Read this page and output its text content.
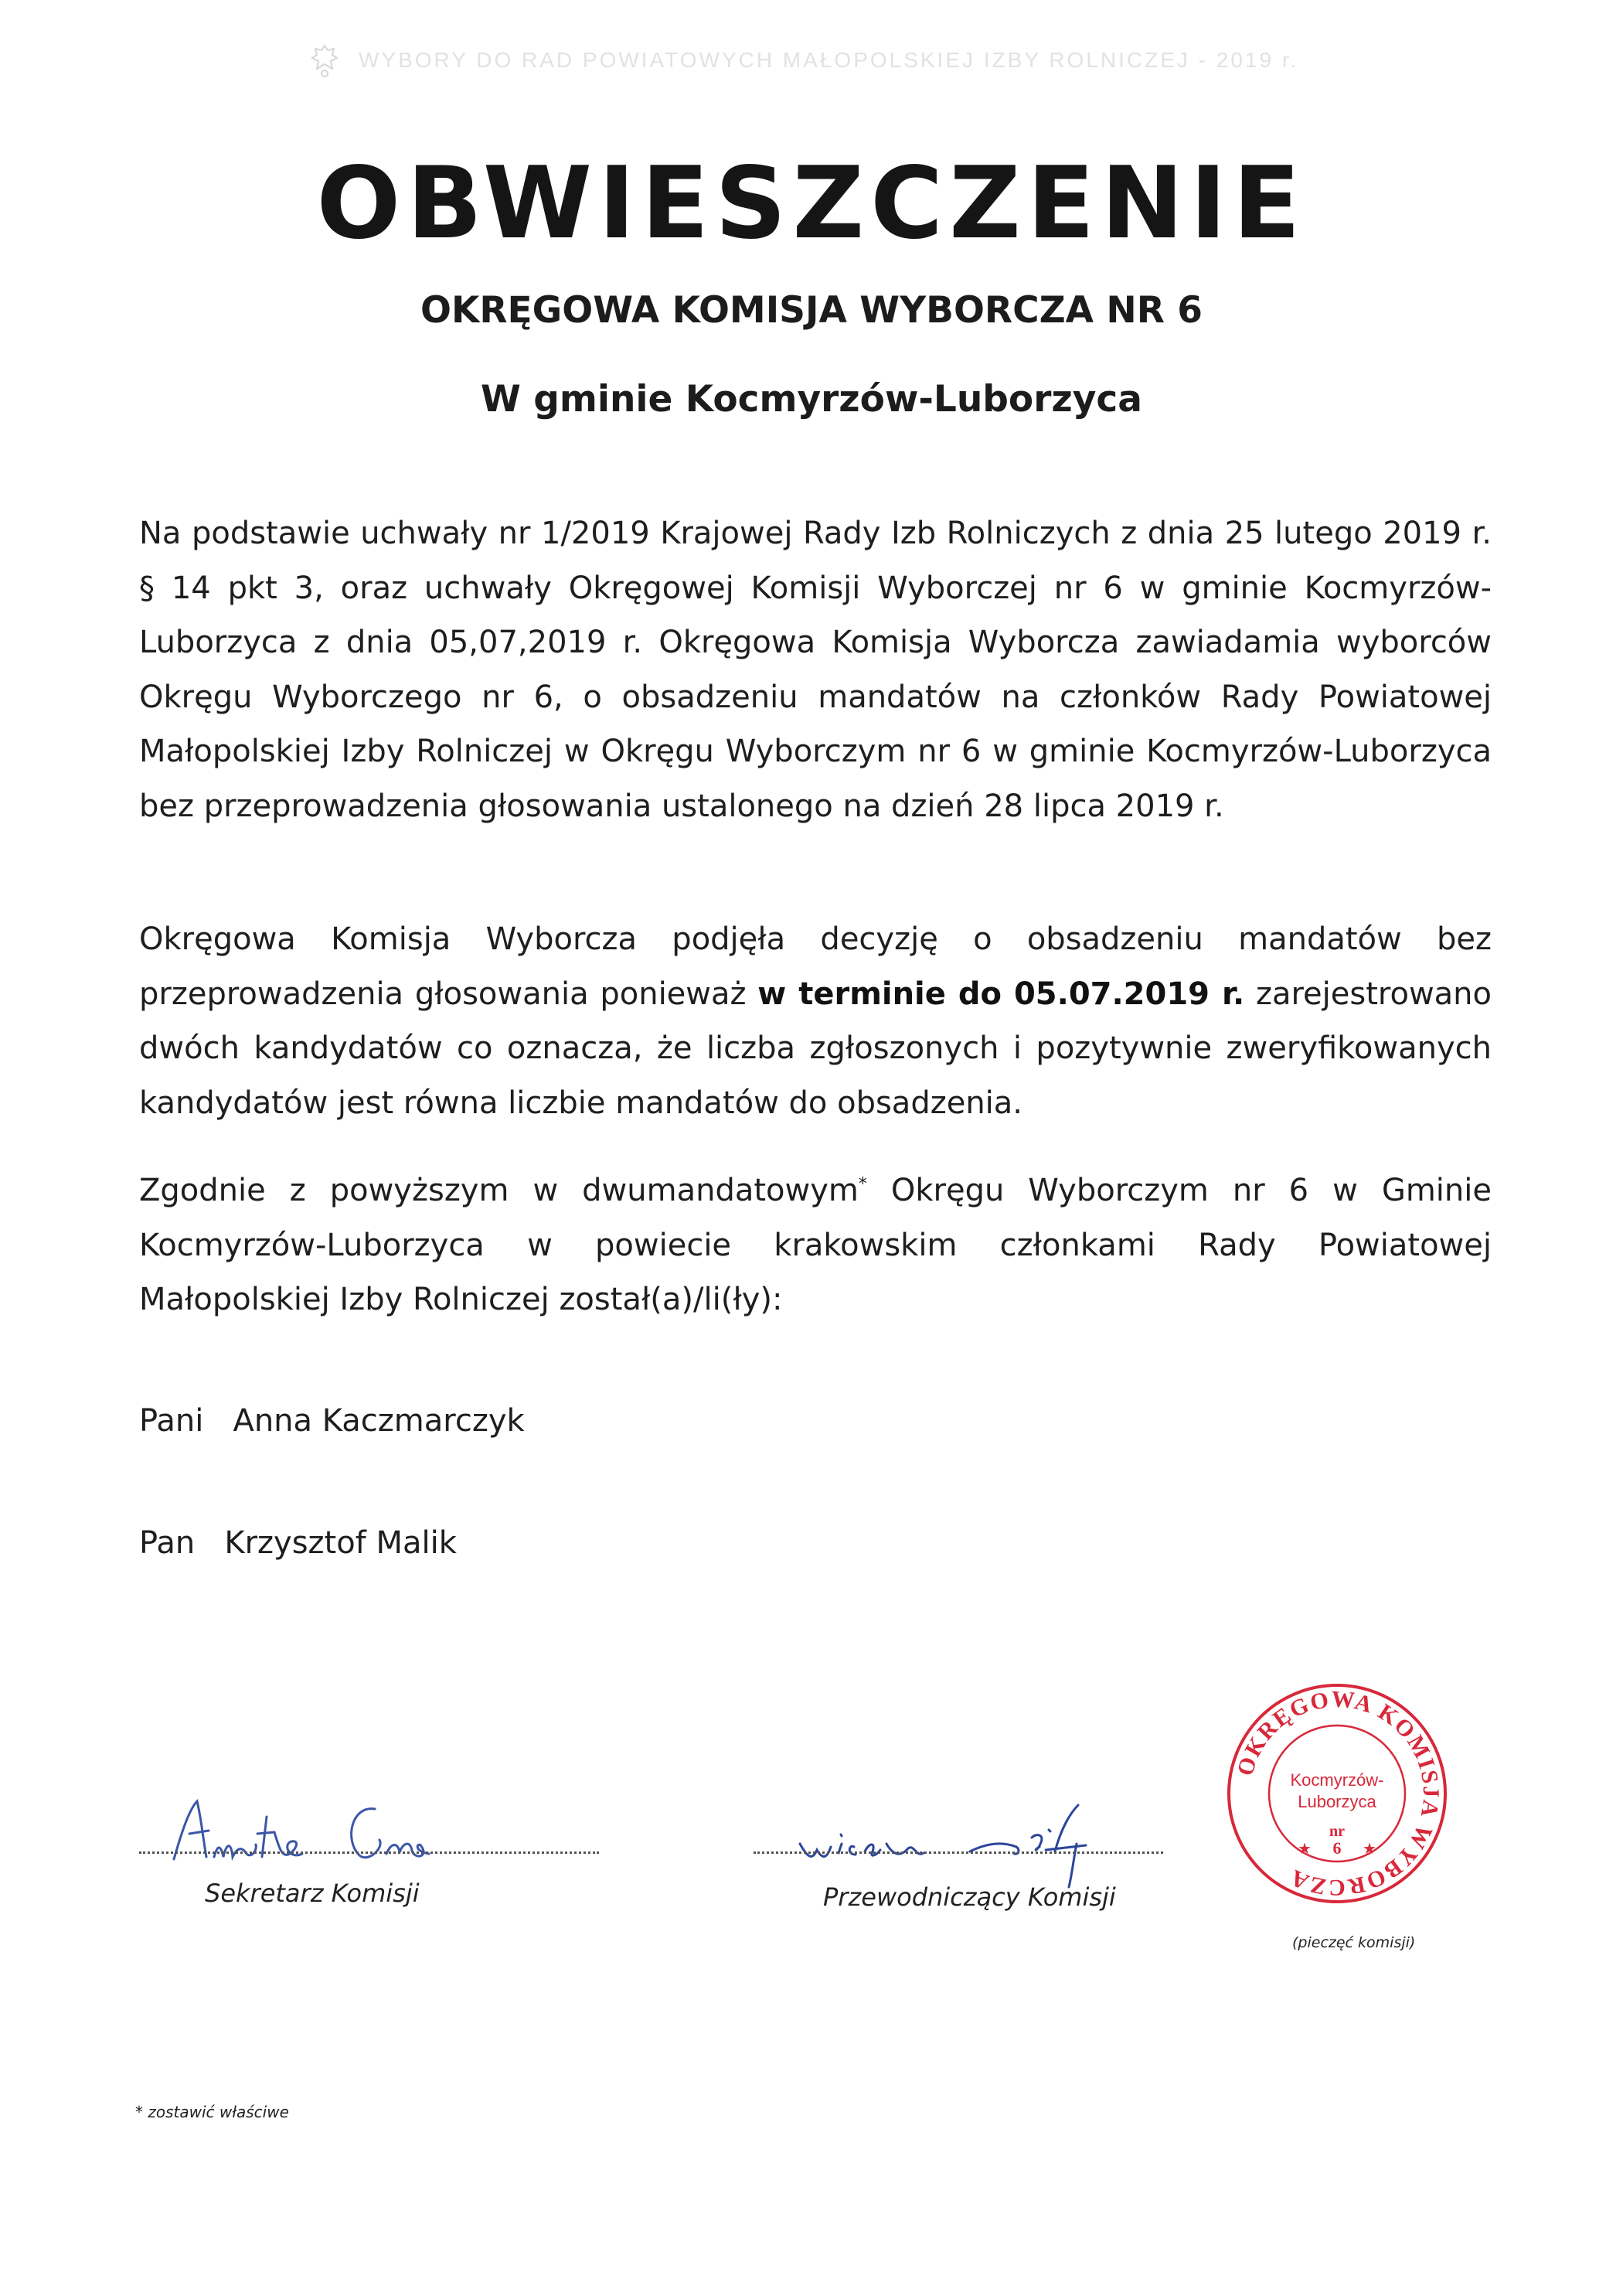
WYBORY DO RAD POWIATOWYCH MAŁOPOLSKIEJ IZBY ROLNICZEJ - 2019 r.
OBWIESZCZENIE
OKRĘGOWA KOMISJA WYBORCZA NR 6
W gminie Kocmyrzów-Luborzyca
Na podstawie uchwały nr 1/2019 Krajowej Rady Izb Rolniczych z dnia 25 lutego 2019 r. § 14 pkt 3, oraz uchwały Okręgowej Komisji Wyborczej nr 6 w gminie Kocmyrzów-Luborzyca z dnia 05,07,2019 r. Okręgowa Komisja Wyborcza zawiadamia wyborców Okręgu Wyborczego nr 6, o obsadzeniu mandatów na członków Rady Powiatowej Małopolskiej Izby Rolniczej w Okręgu Wyborczym nr 6 w gminie Kocmyrzów-Luborzyca bez przeprowadzenia głosowania ustalonego na dzień 28 lipca 2019 r.
Okręgowa Komisja Wyborcza podjęła decyzję o obsadzeniu mandatów bez przeprowadzenia głosowania ponieważ w terminie do 05.07.2019 r. zarejestrowano dwóch kandydatów co oznacza, że liczba zgłoszonych i pozytywnie zweryfikowanych kandydatów jest równa liczbie mandatów do obsadzenia.
Zgodnie z powyższym w dwumandatowym* Okręgu Wyborczym nr 6 w Gminie Kocmyrzów-Luborzyca w powiecie krakowskim członkami Rady Powiatowej Małopolskiej Izby Rolniczej został(a)/li(ły):
Pani Anna Kaczmarczyk
Pan Krzysztof Malik
Sekretarz Komisji	Przewodniczący Komisji
OKRĘGOWA KOMISJA WYBORCZA
Kocmyrzów-
Luborzyca
nr
6
★	★
(pieczęć komisji)
* zostawić właściwe
